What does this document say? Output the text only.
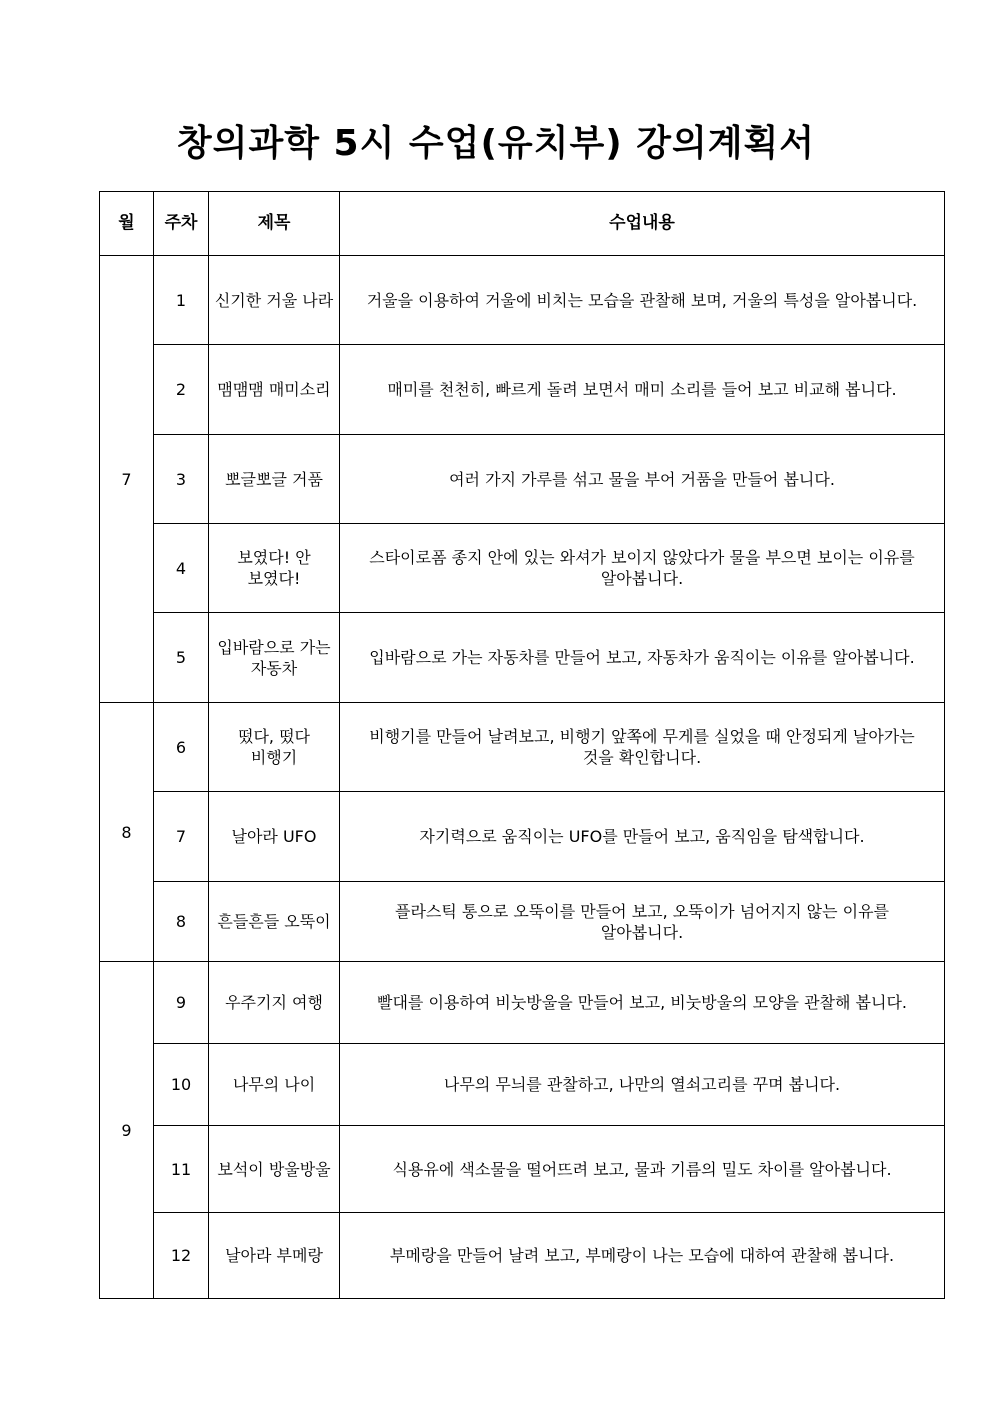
창의과학 5시 수업(유치부) 강의계획서
월	주차	제목	수업내용
7	1	신기한 거울 나라	거울을 이용하여 거울에 비치는 모습을 관찰해 보며, 거울의 특성을 알아봅니다.
	2	맴맴맴 매미소리	매미를 천천히, 빠르게 돌려 보면서 매미 소리를 들어 보고 비교해 봅니다.
	3	뽀글뽀글 거품	여러 가지 가루를 섞고 물을 부어 거품을 만들어 봅니다.
	4	보였다! 안 보였다!	스타이로폼 종지 안에 있는 와셔가 보이지 않았다가 물을 부으면 보이는 이유를 알아봅니다.
	5	입바람으로 가는 자동차	입바람으로 가는 자동차를 만들어 보고, 자동차가 움직이는 이유를 알아봅니다.
8	6	떴다, 떴다 비행기	비행기를 만들어 날려보고, 비행기 앞쪽에 무게를 실었을 때 안정되게 날아가는 것을 확인합니다.
	7	날아라 UFO	자기력으로 움직이는 UFO를 만들어 보고, 움직임을 탐색합니다.
	8	흔들흔들 오뚝이	플라스틱 통으로 오뚝이를 만들어 보고, 오뚝이가 넘어지지 않는 이유를 알아봅니다.
9	9	우주기지 여행	빨대를 이용하여 비눗방울을 만들어 보고, 비눗방울의 모양을 관찰해 봅니다.
	10	나무의 나이	나무의 무늬를 관찰하고, 나만의 열쇠고리를 꾸며 봅니다.
	11	보석이 방울방울	식용유에 색소물을 떨어뜨려 보고, 물과 기름의 밀도 차이를 알아봅니다.
	12	날아라 부메랑	부메랑을 만들어 날려 보고, 부메랑이 나는 모습에 대하여 관찰해 봅니다.
